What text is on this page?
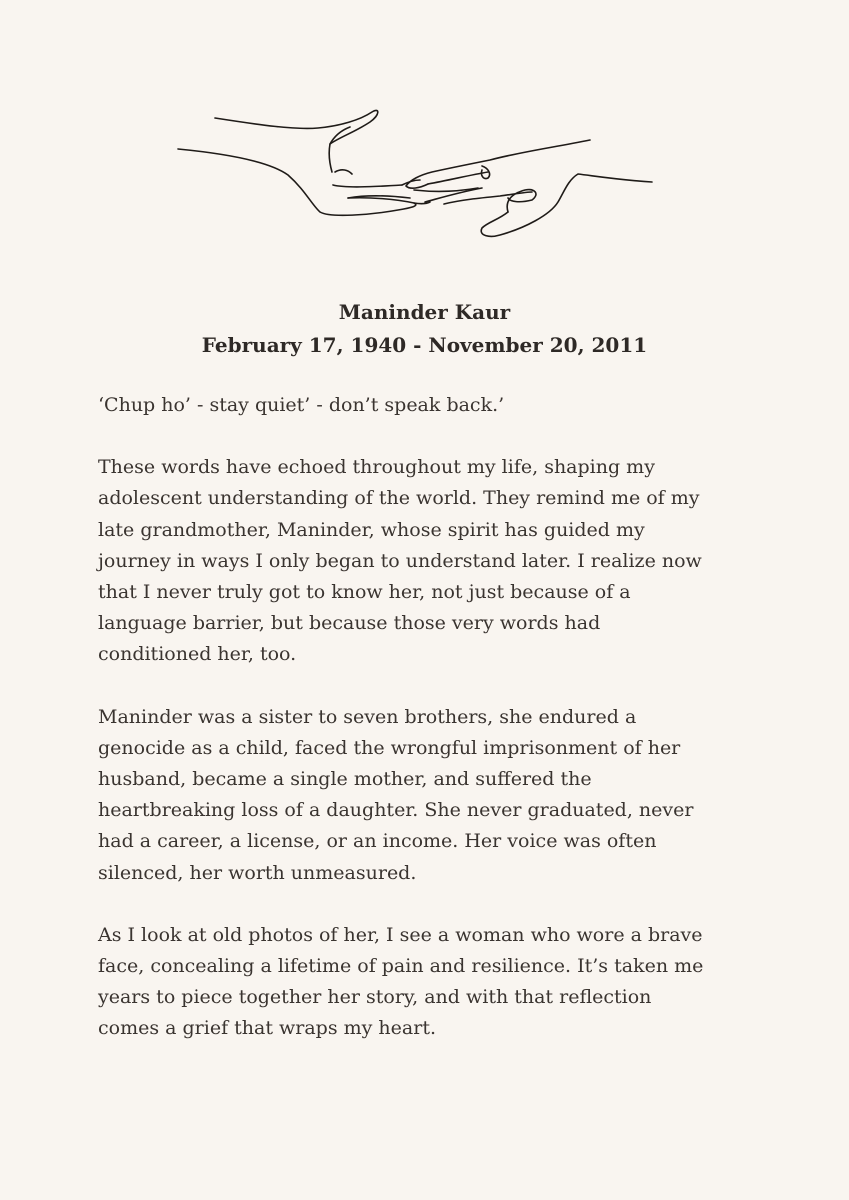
Maninder Kaur
February 17, 1940 - November 20, 2011
‘Chup ho’ - stay quiet’ - don’t speak back.’
These words have echoed throughout my life, shaping my
adolescent understanding of the world. They remind me of my
late grandmother, Maninder, whose spirit has guided my
journey in ways I only began to understand later. I realize now
that I never truly got to know her, not just because of a
language barrier, but because those very words had
conditioned her, too.
Maninder was a sister to seven brothers, she endured a
genocide as a child, faced the wrongful imprisonment of her
husband, became a single mother, and suffered the
heartbreaking loss of a daughter. She never graduated, never
had a career, a license, or an income. Her voice was often
silenced, her worth unmeasured.
As I look at old photos of her, I see a woman who wore a brave
face, concealing a lifetime of pain and resilience. It’s taken me
years to piece together her story, and with that reflection
comes a grief that wraps my heart.
